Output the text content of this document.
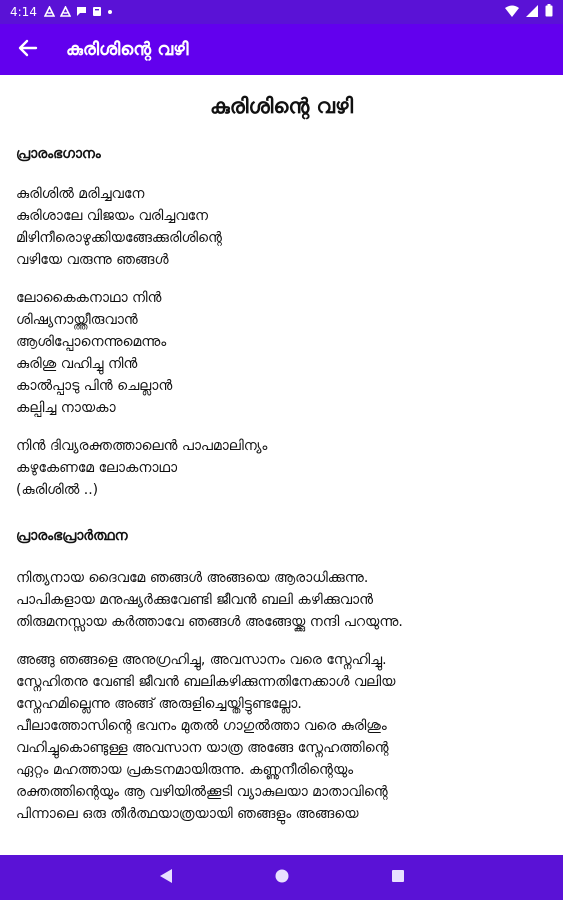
4:14
കുരിശിന്റെ വഴി
കുരിശിന്റെ വഴി
പ്രാരംഭഗാനം
കുരിശിൽ മരിച്ചവനേ
കുരിശാലേ വിജയം വരിച്ചവനേ
മിഴിനീരൊഴുക്കിയങ്ങേക്കുരിശിന്റെ
വഴിയേ വരുന്നു ഞങ്ങൾ
ലോകൈകനാഥാ നിൻ
ശിഷ്യനായ്ത്തീരുവാൻ
ആശിപ്പോനെന്നുമെന്നും
കുരിശു വഹിച്ചു നിൻ
കാൽപ്പാടു പിൻ ചെല്ലാൻ
കല്പിച്ച നായകാ
നിൻ ദിവ്യരക്തത്താലെൻ പാപമാലിന്യം
കഴുകേണമേ ലോകനാഥാ
(കുരിശിൽ ..)
പ്രാരംഭപ്രാർത്ഥന
നിത്യനായ ദൈവമേ ഞങ്ങൾ അങ്ങയെ ആരാധിക്കുന്നു.
പാപികളായ മനുഷ്യർക്കുവേണ്ടി ജീവൻ ബലി കഴിക്കുവാൻ
തിരുമനസ്സായ കർത്താവേ ഞങ്ങൾ അങ്ങേയ്ക്കു നന്ദി പറയുന്നു.
അങ്ങു ഞങ്ങളെ അനുഗ്രഹിച്ചു, അവസാനം വരെ സ്നേഹിച്ചു.
സ്നേഹിതനു വേണ്ടി ജീവൻ ബലികഴിക്കുന്നതിനേക്കാൾ വലിയ
സ്നേഹമില്ലെന്നു അങ്ങ് അരുളിച്ചെയ്തിട്ടുണ്ടല്ലോ.
പീലാത്തോസിന്റെ ഭവനം മുതൽ ഗാഗുൽത്താ വരെ കുരിശും
വഹിച്ചുകൊണ്ടുള്ള അവസാന യാത്ര അങ്ങേ സ്നേഹത്തിന്റെ
ഏറ്റം മഹത്തായ പ്രകടനമായിരുന്നു. കണ്ണുനീരിന്റെയും
രക്തത്തിന്റെയും ആ വഴിയിൽക്കൂടി വ്യാകുലയാ മാതാവിന്റെ
പിന്നാലെ ഒരു തീർത്ഥയാത്രയായി ഞങ്ങളും അങ്ങയെ
